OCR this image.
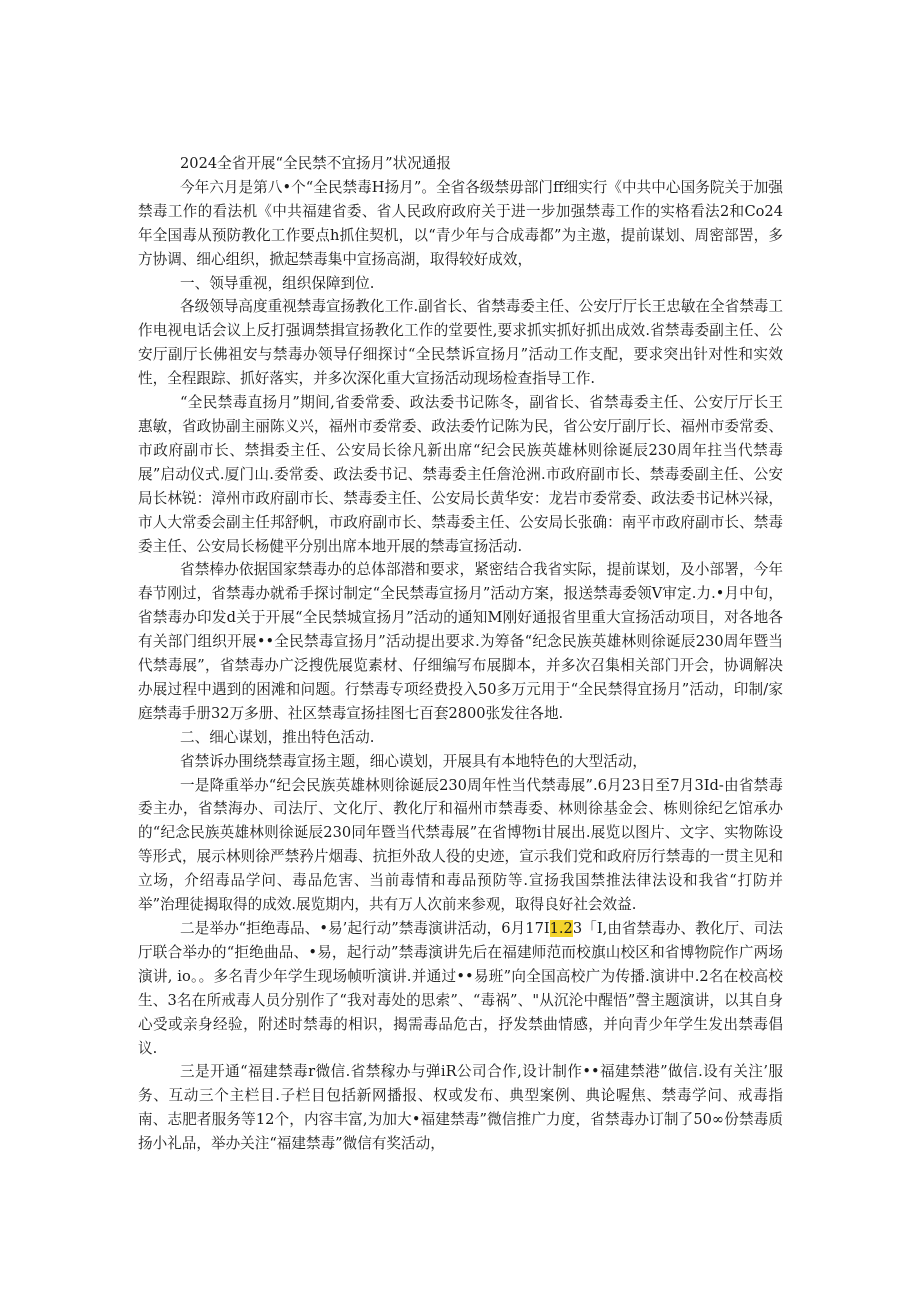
2024全省开展“全民禁不宜扬月”状况通报

今年六月是第八•个“全民禁毒H扬月”。全省各级禁毋部门ff细实行《中共中心国务院关于加强禁毒工作的看法机《中共福建省委、省人民政府政府关于进一步加强禁毒工作的实格看法2和Co24年全国毒从预防教化工作要点h抓住契机，以“青少年与合成毒都”为主遨，提前谋划、周密部罟，多方协调、细心组织，掀起禁毒集中宣扬高湖，取得较好成效，

一、领导重视，组织保障到位.

各级领导高度重视禁毒宣扬教化工作.副省长、省禁毒委主任、公安厅厅长王忠敏在全省禁毒工作电视电话会议上反打强调禁揖宣扬教化工作的堂要性,要求抓实抓好抓出成效.省禁毒委副主任、公安厅副厅长佛祖安与禁毒办领导仔细探讨“全民禁诉宣扬月”活动工作支配，要求突出针对性和实效性，全程跟踪、抓好落实，并多次深化重大宣扬活动现场检查指导工作.

“全民禁毒直扬月”期间,省委常委、政法委书记陈冬，副省长、省禁毒委主任、公安厅厅长王惠敏，省政协副主丽陈义兴，福州市委常委、政法委竹记陈为民，省公安厅副厅长、福州市委常委、市政府副市长、禁揖委主任、公安局长徐凡新出席“纪会民族英雄林则徐诞辰230周年拄当代禁毒展”启动仪式.厦门山.委常委、政法委书记、禁毒委主任詹沧洲.市政府副市长、禁毒委副主任、公安局长林锐：漳州市政府副市长、禁毒委主任、公安局长黄华安：龙岩市委常委、政法委书记林兴禄，市人大常委会副主任邦舒帆，市政府副市长、禁毒委主任、公安局长张确：南平市政府副市长、禁毒委主任、公安局长杨健平分别出席本地开展的禁毒宣扬活动.

省禁棒办依据国家禁毒办的总体部潜和要求，紧密结合我省实际，提前谋划，及小部署，今年春节刚过，省禁毒办就希手探讨制定“全民禁毒宣扬月”活动方案，报送禁毒委领V审定.力.•月中旬，省禁毒办印发d关于开展“全民禁城宣扬月”活动的通知M刚好通报省里重大宣扬活动项目，对各地各有关部门组织开展••全民禁毒宣扬月”活动提出要求.为筹备“纪念民族英雄林则徐诞辰230周年暨当代禁毒展”，省禁毒办广泛搜侁展览素材、仔细编写布展脚本，并多次召集相关部门开会，协调解决办展过程中遇到的困滩和问题。行禁毒专项经费投入50多万元用于“全民禁得宜扬月”活动，印制/家庭禁毒手册32万多册、社区禁毒宣扬挂图七百套2800张发往各地.

二、细心谋划，推出特色活动.

省禁诉办围绕禁毒宣扬主题，细心谟划，开展具有本地特色的大型活动，

一是降重举办“纪会民族英雄林则徐诞辰230周年性当代禁毒展”.6月23日至7月3Id-由省禁毒委主办，省禁海办、司法厅、文化厅、教化厅和福州市禁毒委、林则徐基金会、栋则徐纪乞馆承办的“纪念民族英雄林则徐诞辰230同年暨当代禁毒展”在省博物i甘展出.展览以图片、文字、实物陈设等形式，展示林则徐严禁矜片烟毒、抗拒外敌人役的史迹，宣示我们党和政府厉行禁毒的一贯主见和立场，介绍毒品学问、毒品危害、当前毒情和毒品预防等.宣扬我国禁推法律法设和我省“打防并举”治理徒揭取得的成效.展览期内，共有万人次前来参观，取得良好社会效益.

二是举办“拒绝毒品、•易’起行动”禁毒演讲活动，6月17I1.23「I,由省禁毒办、教化厅、司法厅联合举办的“拒绝曲品、•易，起行动”禁毒演讲先后在福建师范而校旗山校区和省博物院作广两场演讲, io。。多名青少年学生现场帧听演讲.并通过••易班”向全国高校广为传播.演讲中.2名在校高校生、3名在所戒毒人员分别作了“我对毒处的思索”、“毒祸”、"从沉沦中醒悟”謦主题演讲，以其自身心受或亲身经验，附述时禁毒的相识，揭需毒品危古，抒发禁曲情感，并向青少年学生发出禁毒倡议.

三是开通“福建禁毒r微信.省禁稼办与弹iR公司合作,设计制作••福建禁港”做信.设有关注’服务、互动三个主栏目.子栏目包括新网播报、权或发布、典型案例、典论喔焦、禁毒学问、戒毒指南、志肥者服务等12个，内容丰富,为加大•福建禁毒”微信推广力度，省禁毒办订制了50∞份禁毒质扬小礼品，举办关注“福建禁毒”微信有奖活动，
